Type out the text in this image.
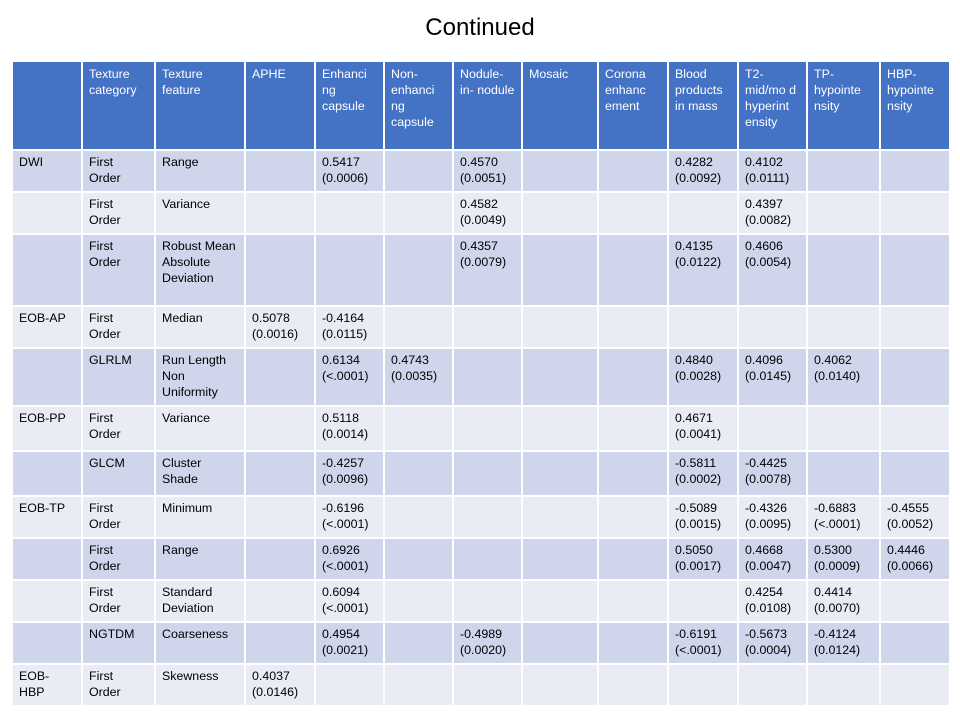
Continued
	Texture category	Texture feature	APHE	Enhanci ng capsule	Non- enhanci ng capsule	Nodule- in- nodule	Mosaic	Corona enhanc ement	Blood products in mass	T2- mid/mo d hyperint ensity	TP- hypointe nsity	HBP- hypointe nsity
DWI	First Order	Range		0.5417 (0.0006)		0.4570 (0.0051)			0.4282 (0.0092)	0.4102 (0.0111)		
	First Order	Variance				0.4582 (0.0049)				0.4397 (0.0082)		
	First Order	Robust Mean Absolute Deviation				0.4357 (0.0079)			0.4135 (0.0122)	0.4606 (0.0054)		
EOB-AP	First Order	Median	0.5078 (0.0016)	-0.4164 (0.0115)								
	GLRLM	Run Length Non Uniformity		0.6134 (<.0001)	0.4743 (0.0035)				0.4840 (0.0028)	0.4096 (0.0145)	0.4062 (0.0140)	
EOB-PP	First Order	Variance		0.5118 (0.0014)					0.4671 (0.0041)			
	GLCM	Cluster Shade		-0.4257 (0.0096)					-0.5811 (0.0002)	-0.4425 (0.0078)		
EOB-TP	First Order	Minimum		-0.6196 (<.0001)					-0.5089 (0.0015)	-0.4326 (0.0095)	-0.6883 (<.0001)	-0.4555 (0.0052)
	First Order	Range		0.6926 (<.0001)					0.5050 (0.0017)	0.4668 (0.0047)	0.5300 (0.0009)	0.4446 (0.0066)
	First Order	Standard Deviation		0.6094 (<.0001)						0.4254 (0.0108)	0.4414 (0.0070)	
	NGTDM	Coarseness		0.4954 (0.0021)		-0.4989 (0.0020)			-0.6191 (<.0001)	-0.5673 (0.0004)	-0.4124 (0.0124)	
EOB- HBP	First Order	Skewness	0.4037 (0.0146)									
